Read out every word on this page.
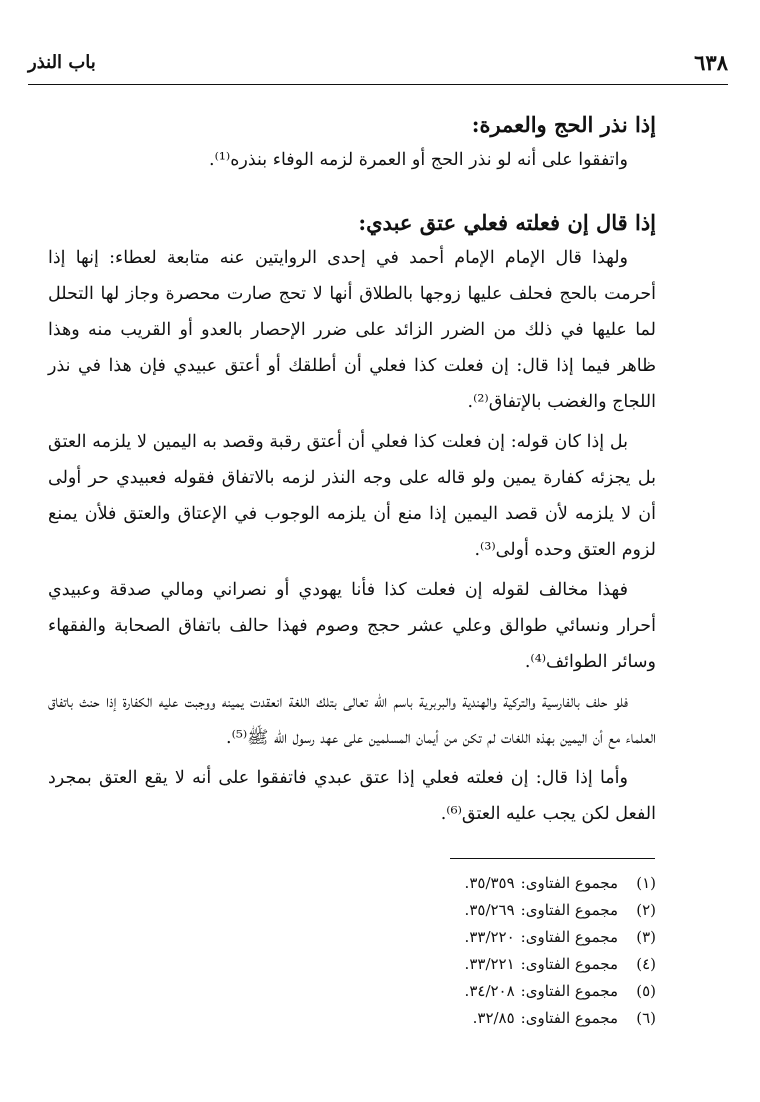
٦٣٨
باب النذر
إذا نذر الحج والعمرة:

واتفقوا على أنه لو نذر الحج أو العمرة لزمه الوفاء بنذره⁽¹⁾.

إذا قال إن فعلته فعلي عتق عبدي:

ولهذا قال الإمام الإمام أحمد في إحدى الروايتين عنه متابعة لعطاء: إنها إذا أحرمت بالحج فحلف عليها زوجها بالطلاق أنها لا تحج صارت محصرة وجاز لها التحلل لما عليها في ذلك من الضرر الزائد على ضرر الإحصار بالعدو أو القريب منه وهذا ظاهر فيما إذا قال: إن فعلت كذا فعلي أن أطلقك أو أعتق عبيدي فإن هذا في نذر اللجاج والغضب بالإتفاق⁽²⁾.

بل إذا كان قوله: إن فعلت كذا فعلي أن أعتق رقبة وقصد به اليمين لا يلزمه العتق بل يجزئه كفارة يمين ولو قاله على وجه النذر لزمه بالاتفاق فقوله فعبيدي حر أولى أن لا يلزمه لأن قصد اليمين إذا منع أن يلزمه الوجوب في الإعتاق والعتق فلأن يمنع لزوم العتق وحده أولى⁽³⁾.

فهذا مخالف لقوله إن فعلت كذا فأنا يهودي أو نصراني ومالي صدقة وعبيدي أحرار ونسائي طوالق وعلي عشر حجج وصوم فهذا حالف باتفاق الصحابة والفقهاء وسائر الطوائف⁽⁴⁾.

فلو حلف بالفارسية والتركية والهندية والبربرية باسم الله تعالى بتلك اللغة انعقدت يمينه ووجبت عليه الكفارة إذا حنث باتفاق العلماء مع أن اليمين بهذه اللغات لم تكن من أيمان المسلمين على عهد رسول الله ﷺ⁽⁵⁾.

وأما إذا قال: إن فعلته فعلي إذا عتق عبدي فاتفقوا على أنه لا يقع العتق بمجرد الفعل لكن يجب عليه العتق⁽⁶⁾.

(١)مجموع الفتاوى:٣٥/٣٥٩.
(٢)مجموع الفتاوى:٣٥/٢٦٩.
(٣)مجموع الفتاوى:٣٣/٢٢٠.
(٤)مجموع الفتاوى:٣٣/٢٢١.
(٥)مجموع الفتاوى:٣٤/٢٠٨.
(٦)مجموع الفتاوى:٣٢/٨٥.
